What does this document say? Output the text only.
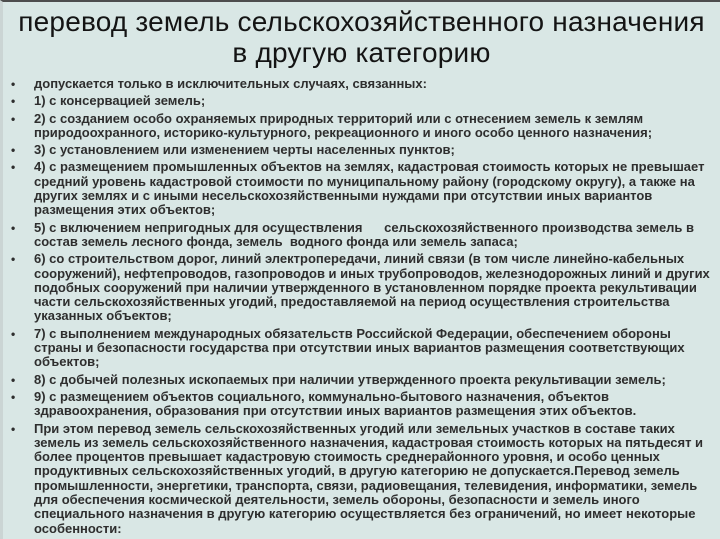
перевод земель сельскохозяйственного назначения в другую категорию
• допускается только в исключительных случаях, связанных:
• 1) с консервацией земель;
• 2) с созданием особо охраняемых природных территорий или с отнесением земель к землям природоохранного, историко-культурного, рекреационного и иного особо ценного назначения;
• 3) с установлением или изменением черты населенных пунктов;
• 4) с размещением промышленных объектов на землях, кадастровая стоимость которых не превышает средний уровень кадастровой стоимости по муниципальному району (городскому округу), а также на других землях и с иными несельскохозяйственными нуждами при отсутствии иных вариантов размещения этих объектов;
• 5) с включением непригодных для осуществления      сельскохозяйственного производства земель в состав земель лесного фонда, земель  водного фонда или земель запаса;
• 6) со строительством дорог, линий электропередачи, линий связи (в том числе линейно-кабельных сооружений), нефтепроводов, газопроводов и иных трубопроводов, железнодорожных линий и других подобных сооружений при наличии утвержденного в установленном порядке проекта рекультивации части сельскохозяйственных угодий, предоставляемой на период осуществления строительства указанных объектов;
• 7) с выполнением международных обязательств Российской Федерации, обеспечением обороны страны и безопасности государства при отсутствии иных вариантов размещения соответствующих объектов;
• 8) с добычей полезных ископаемых при наличии утвержденного проекта рекультивации земель;
• 9) с размещением объектов социального, коммунально-бытового назначения, объектов здравоохранения, образования при отсутствии иных вариантов размещения этих объектов.
• При этом перевод земель сельскохозяйственных угодий или земельных участков в составе таких земель из земель сельскохозяйственного назначения, кадастровая стоимость которых на пятьдесят и более процентов превышает кадастровую стоимость среднерайонного уровня, и особо ценных продуктивных сельскохозяйственных угодий, в другую категорию не допускается.Перевод земель промышленности, энергетики, транспорта, связи, радиовещания, телевидения, информатики, земель для обеспечения космической деятельности, земель обороны, безопасности и земель иного специального назначения в другую категорию осуществляется без ограничений, но имеет некоторые особенности:
